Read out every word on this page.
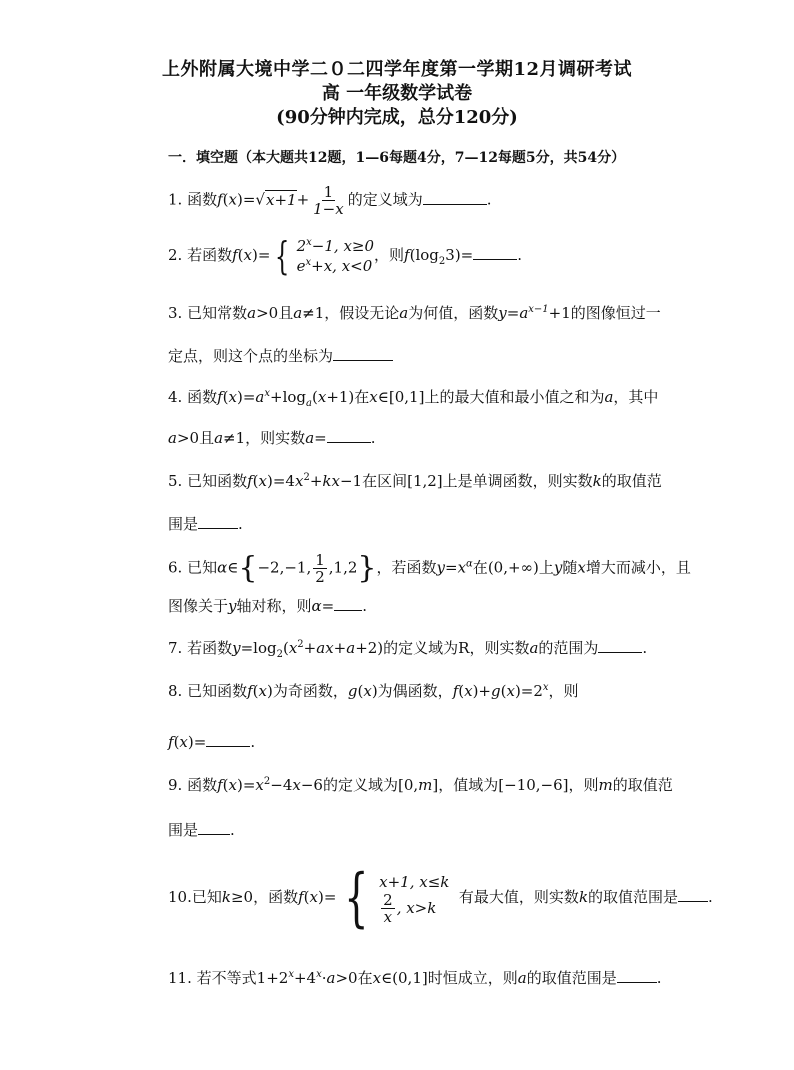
上外附属大境中学二０二四学年度第一学期12月调研考试

高 一年级数学试卷

(90分钟内完成，总分120分)

一．填空题（本大题共12题，1—6每题4分，7—12每题5分，共54分）
1. 函数$f(x)=√x+1+ \frac{1}{1-x}$ 的定义域为	.
2. 若函数f(x)= { $2^x-1$, x≥0
$e^x+x$, x<0
，则$f(\log_23)=$	.
3. 已知常数a>0且a≠1，假设无论a为何值，函数$y=a^{x-1}+1$的图像恒过一
定点，则这个点的坐标为
4. 函数$f(x)=a^x+\log_a(x+1)$在x∈[0,1]上的最大值和最小值之和为a，其中
a>0且a≠1，则实数a=	.
5. 已知函数$f(x)=4x^2+kx-1$在区间[1,2]上是单调函数，则实数k的取值范
围是	.
6. 已知α∈{−2,−1, $\frac{1}{2} ,1,2$}，若函数$y=x^\alpha$在(0,+∞)上y随x增大而减小，且
图像关于y轴对称，则α= .
7. 若函数$y=\log_2(x^2+ax+a+2)$的定义域为R，则实数a的范围为	.
8. 已知函数f(x)为奇函数，g(x)为偶函数，$f(x)+g(x)=2^x$，则
f(x)=	.
9. 函数$f(x)=x^2-4x-6$的定义域为[0,m]，值域为[−10,−6]，则m的取值范
围是 .
10.已知k≥0，函数f(x)= { x+1, x≤k
$\frac{2}{x}$ , x>k
有最大值，则实数k的取值范围是 .
11. 若不等式$1+2^x+4^x\cdot a>0$在x∈(0,1]时恒成立，则a的取值范围是	.
